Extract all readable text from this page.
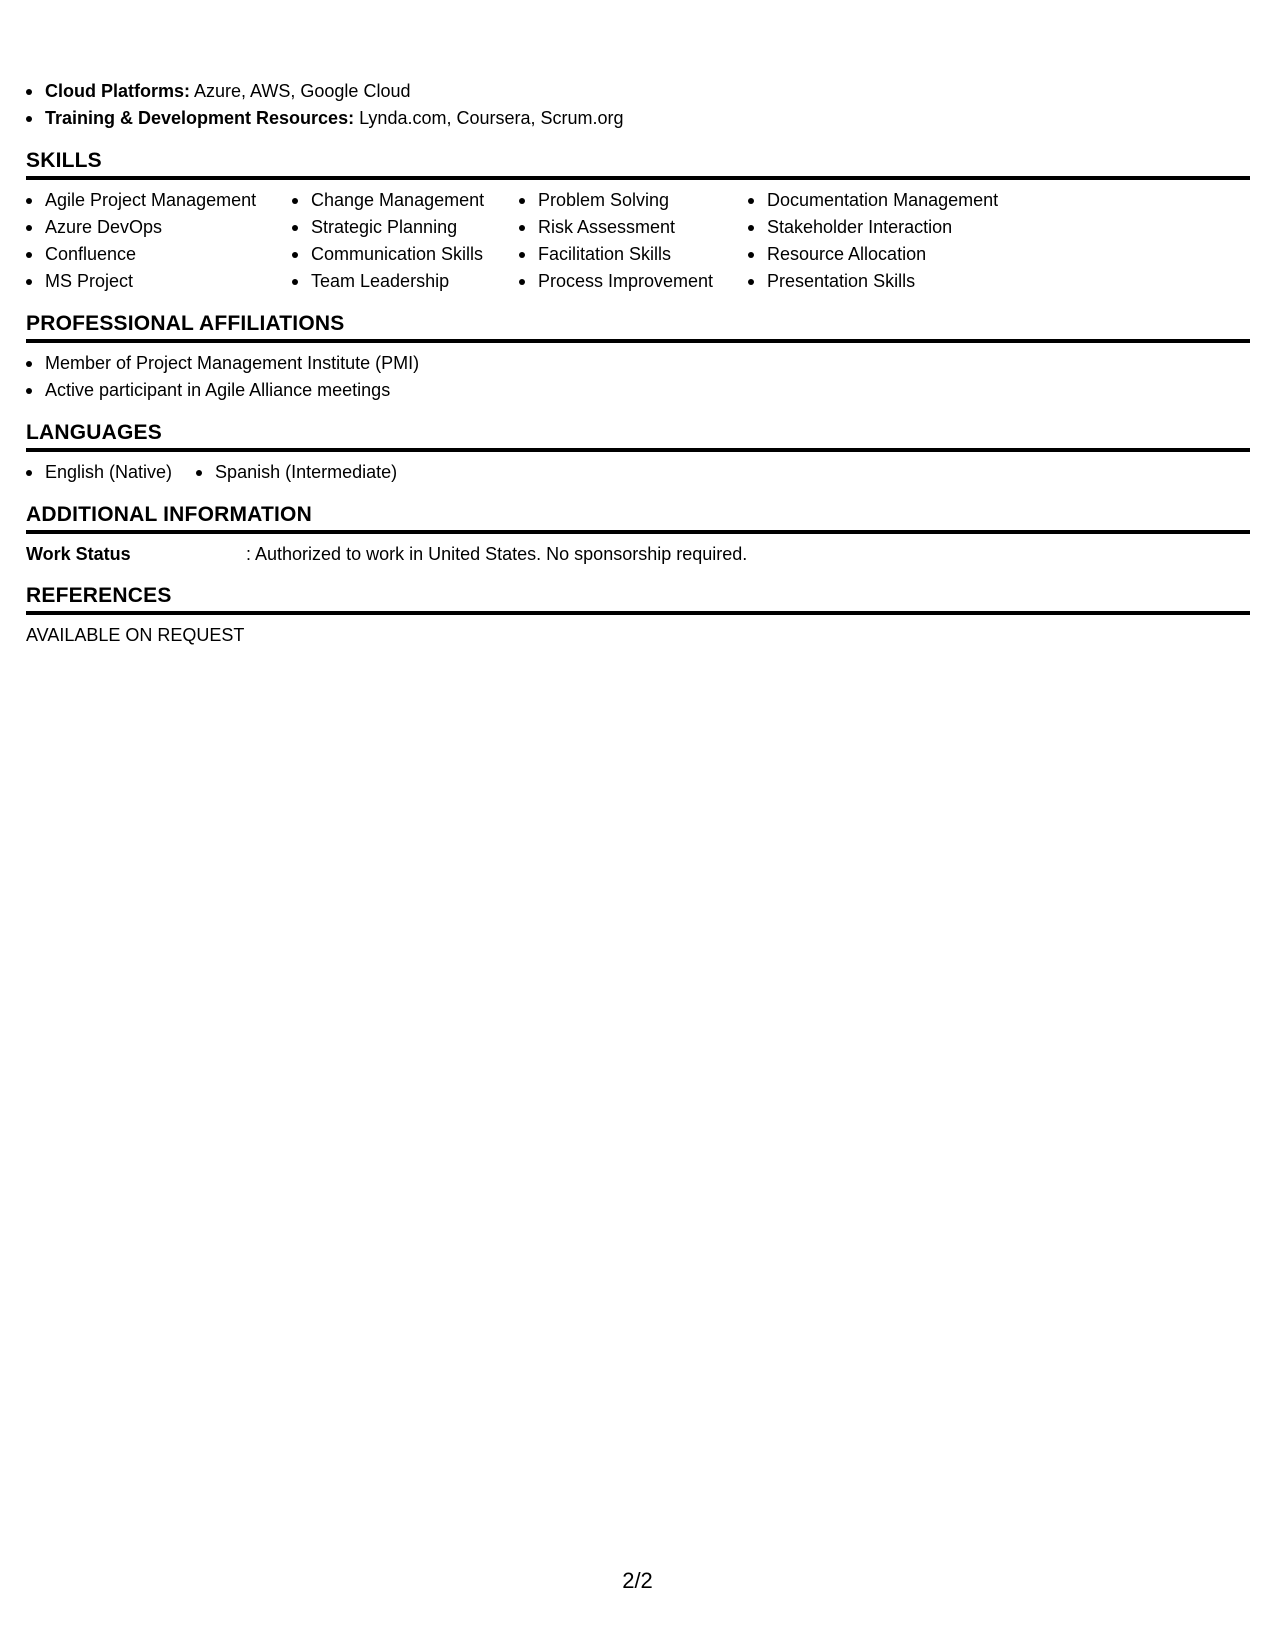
Cloud Platforms: Azure, AWS, Google Cloud
Training & Development Resources: Lynda.com, Coursera, Scrum.org
SKILLS
Agile Project Management
Azure DevOps
Confluence
MS Project
Change Management
Strategic Planning
Communication Skills
Team Leadership
Problem Solving
Risk Assessment
Facilitation Skills
Process Improvement
Documentation Management
Stakeholder Interaction
Resource Allocation
Presentation Skills
PROFESSIONAL AFFILIATIONS
Member of Project Management Institute (PMI)
Active participant in Agile Alliance meetings
LANGUAGES
English (Native)	Spanish (Intermediate)
ADDITIONAL INFORMATION
Work Status	: Authorized to work in United States. No sponsorship required.
REFERENCES
AVAILABLE ON REQUEST
2/2
